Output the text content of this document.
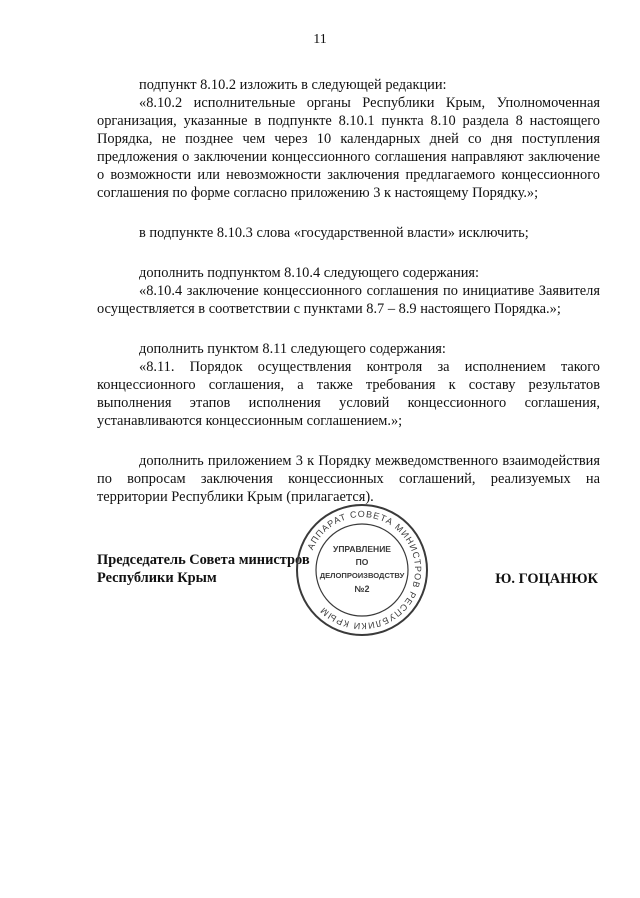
11

подпункт 8.10.2 изложить в следующей редакции:

«8.10.2 исполнительные органы Республики Крым, Уполномоченная организация, указанные в подпункте 8.10.1 пункта 8.10 раздела 8 настоящего Порядка, не позднее чем через 10 календарных дней со дня поступления предложения о заключении концессионного соглашения направляют заключение о возможности или невозможности заключения предлагаемого концессионного соглашения по форме согласно приложению 3 к настоящему Порядку.»;

в подпункте 8.10.3 слова «государственной власти» исключить;

дополнить подпунктом 8.10.4 следующего содержания:

«8.10.4 заключение концессионного соглашения по инициативе Заявителя осуществляется в соответствии с пунктами 8.7 – 8.9 настоящего Порядка.»;

дополнить пунктом 8.11 следующего содержания:

«8.11. Порядок осуществления контроля за исполнением такого концессионного соглашения, а также требования к составу результатов выполнения этапов исполнения условий концессионного соглашения, устанавливаются концессионным соглашением.»;

дополнить приложением 3 к Порядку межведомственного взаимодействия по вопросам заключения концессионных соглашений, реализуемых на территории Республики Крым (прилагается).

Председатель Совета министров
Республики Крым	Ю. ГОЦАНЮК
АППАРАТ СОВЕТА МИНИСТРОВ РЕСПУБЛИКИ КРЫМ
УПРАВЛЕНИЕ
ПО
ДЕЛОПРОИЗВОДСТВУ
№2
